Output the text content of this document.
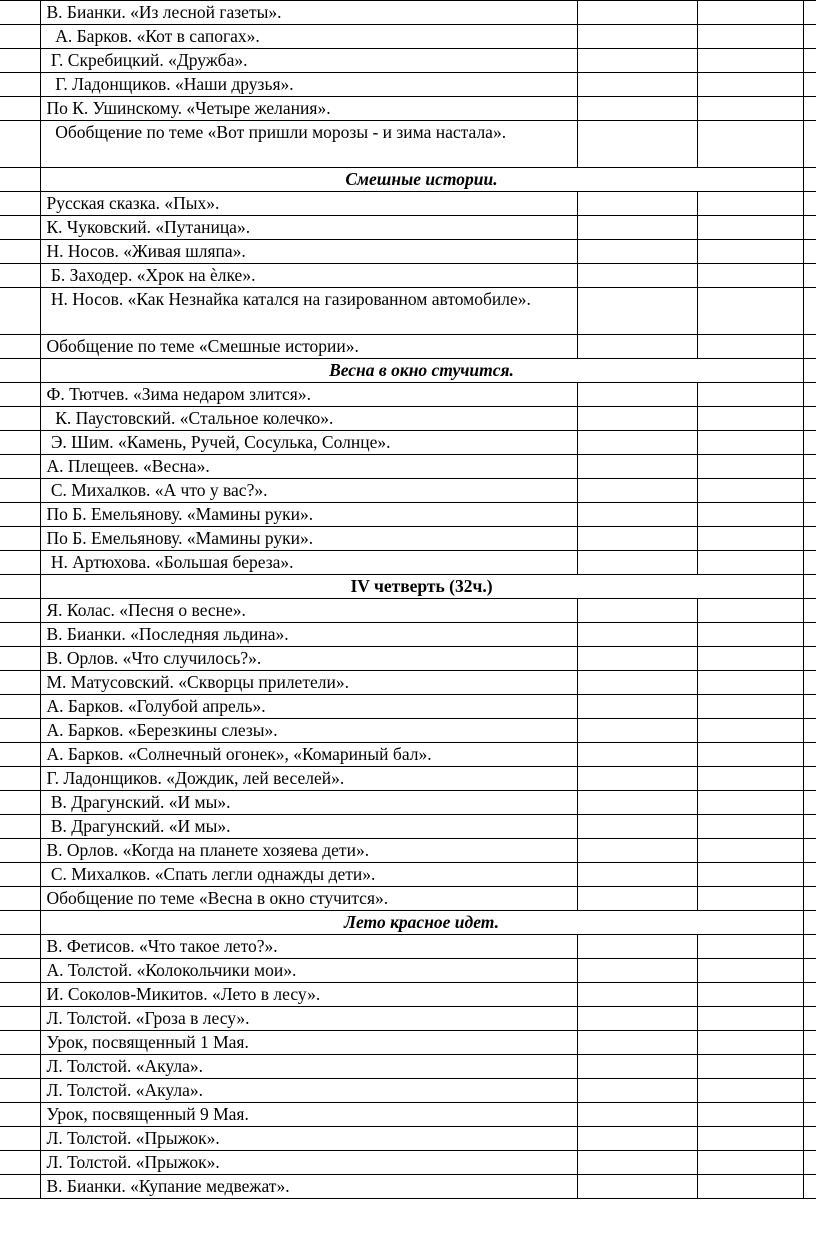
	В. Бианки. «Из лесной газеты».			
	А. Барков. «Кот в сапогах».			
	Г. Скребицкий. «Дружба».			
	Г. Ладонщиков. «Наши друзья».			
	По К. Ушинскому. «Четыре желания».			
	Обобщение по теме «Вот пришли морозы - и зима настала».			
	Смешные истории.			
	Русская сказка. «Пых».			
	К. Чуковский. «Путаница».			
	Н. Носов. «Живая шляпа».			
	Б. Заходер. «Хрок на ѐлке».			
	Н. Носов. «Как Незнайка катался на газированном автомобиле».			
	Обобщение по теме «Смешные истории».			
	Весна в окно стучится.			
	Ф. Тютчев. «Зима недаром злится».			
	К. Паустовский. «Стальное колечко».			
	Э. Шим. «Камень, Ручей, Сосулька, Солнце».			
	А. Плещеев. «Весна».			
	С. Михалков. «А что у вас?».			
	По Б. Емельянову. «Мамины руки».			
	По Б. Емельянову. «Мамины руки».			
	Н. Артюхова. «Большая береза».			
	IV четверть (32ч.)			
	Я. Колас. «Песня о весне».			
	В. Бианки. «Последняя льдина».			
	В. Орлов. «Что случилось?».			
	М. Матусовский. «Скворцы прилетели».			
	А. Барков. «Голубой апрель».			
	А. Барков. «Березкины слезы».			
	А. Барков. «Солнечный огонек», «Комариный бал».			
	Г. Ладонщиков. «Дождик, лей веселей».			
	В. Драгунский. «И мы».			
	В. Драгунский. «И мы».			
	В. Орлов. «Когда на планете хозяева дети».			
	С. Михалков. «Спать легли однажды дети».			
	Обобщение по теме «Весна в окно стучится».			
	Лето красное идет.			
	В. Фетисов. «Что такое лето?».			
	А. Толстой. «Колокольчики мои».			
	И. Соколов-Микитов. «Лето в лесу».			
	Л. Толстой. «Гроза в лесу».			
	Урок, посвященный 1 Мая.			
	Л. Толстой. «Акула».			
	Л. Толстой. «Акула».			
	Урок, посвященный 9 Мая.			
	Л. Толстой. «Прыжок».			
	Л. Толстой. «Прыжок».			
	В. Бианки. «Купание медвежат».			
